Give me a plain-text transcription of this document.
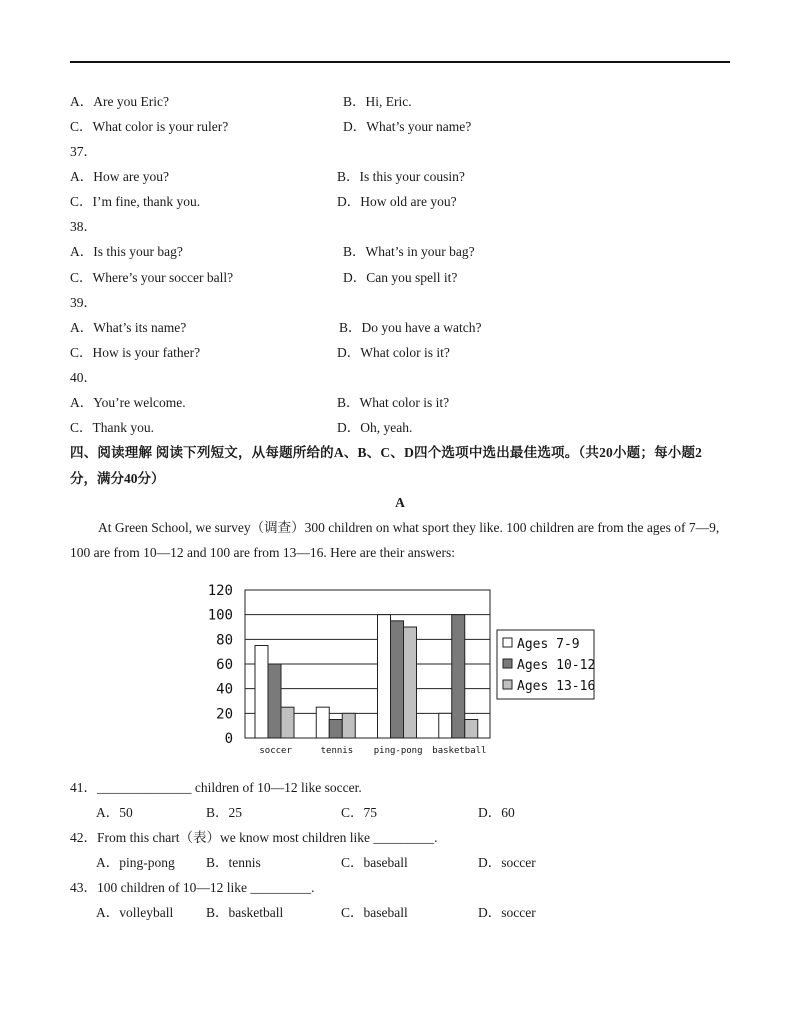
A．Are you Eric?	B．Hi, Eric.
C．What color is your ruler?	D．What’s your name?
37．
A．How are you?	B．Is this your cousin?
C．I’m fine, thank you.	D．How old are you?
38．
A．Is this your bag?	B．What’s in your bag?
C．Where’s your soccer ball?	D．Can you spell it?
39．
A．What’s its name?	B．Do you have a watch?
C．How is your father?	D．What color is it?
40．
A．You’re welcome.	B．What color is it?
C．Thank you.	D．Oh, yeah.
四、阅读理解 阅读下列短文，从每题所给的A、B、C、D四个选项中选出最佳选项。（共20小题；每小题2
分，满分40分）
A
At Green School, we survey（调查）300 children on what sport they like. 100 children are from the ages of 7—9, 100 are from 10—12 and 100 are from 13—16. Here are their answers:
120
100
80
60
40
20
0
soccer	tennis ping-pong basketball
Ages 7-9
Ages 10-12
Ages 13-16
41．______________ children of 10—12 like soccer.
A．50	B．25	C．75	D．60
42．From this chart（表）we know most children like _________.
A．ping-pong B．tennis	C．baseball	D．soccer
43．100 children of 10—12 like _________.
A．volleyball B．basketball	C．baseball	D．soccer
